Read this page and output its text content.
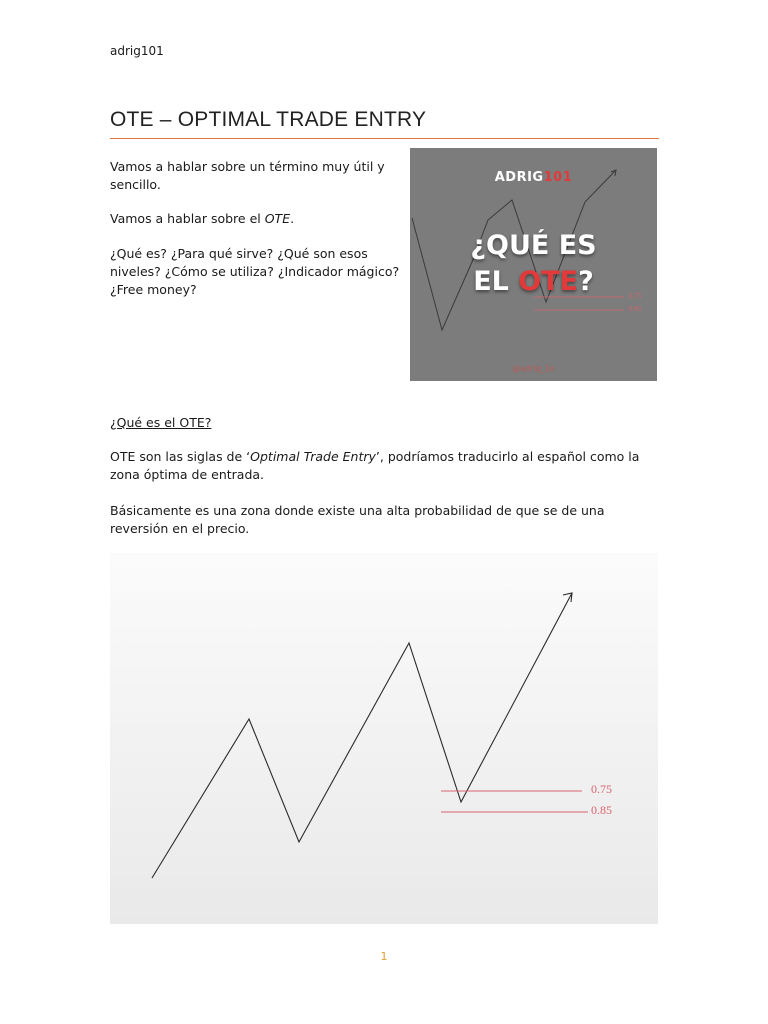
adrig101
OTE – OPTIMAL TRADE ENTRY

Vamos a hablar sobre un término muy útil y sencillo.

Vamos a hablar sobre el OTE.

¿Qué es? ¿Para qué sirve? ¿Qué son esos niveles? ¿Cómo se utiliza? ¿Indicador mágico? ¿Free money?

ADRIG101
¿QUÉ ES
EL OTE?	0.75
0.85
@adrig_1o

¿Qué es el OTE?

OTE son las siglas de ‘Optimal Trade Entry’, podríamos traducirlo al español como la zona óptima de entrada.

Básicamente es una zona donde existe una alta probabilidad de que se de una reversión en el precio.

0.75
0.85
1
